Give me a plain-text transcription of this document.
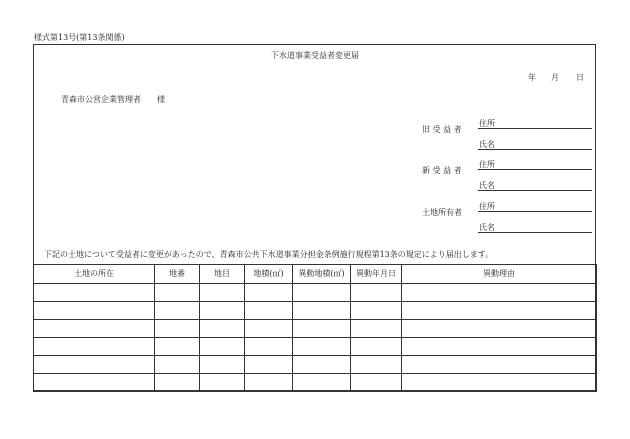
様式第13号(第13条関係)
下水道事業受益者変更届
年 月 日
青森市公営企業管理者　　様
旧 受 益 者
住所
氏名
新 受 益 者
住所
氏名
土地所有者
住所
氏名
下記の土地について受益者に変更があったので、青森市公共下水道事業分担金条例施行規程第13条の規定により届出します。
土地の所在	地番	地目	地積(㎡)	異動地積(㎡)	異動年月日	異動理由
